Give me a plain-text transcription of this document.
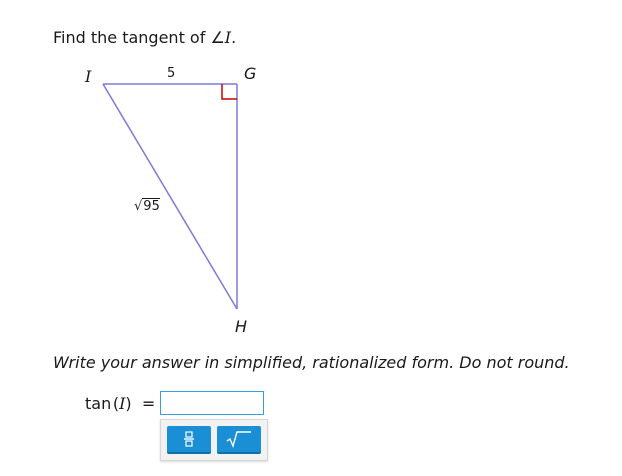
Find the tangent of ∠I.
I	G
H
5
√95
Write your answer in simplified, rationalized form. Do not round.
tan (I)  =
